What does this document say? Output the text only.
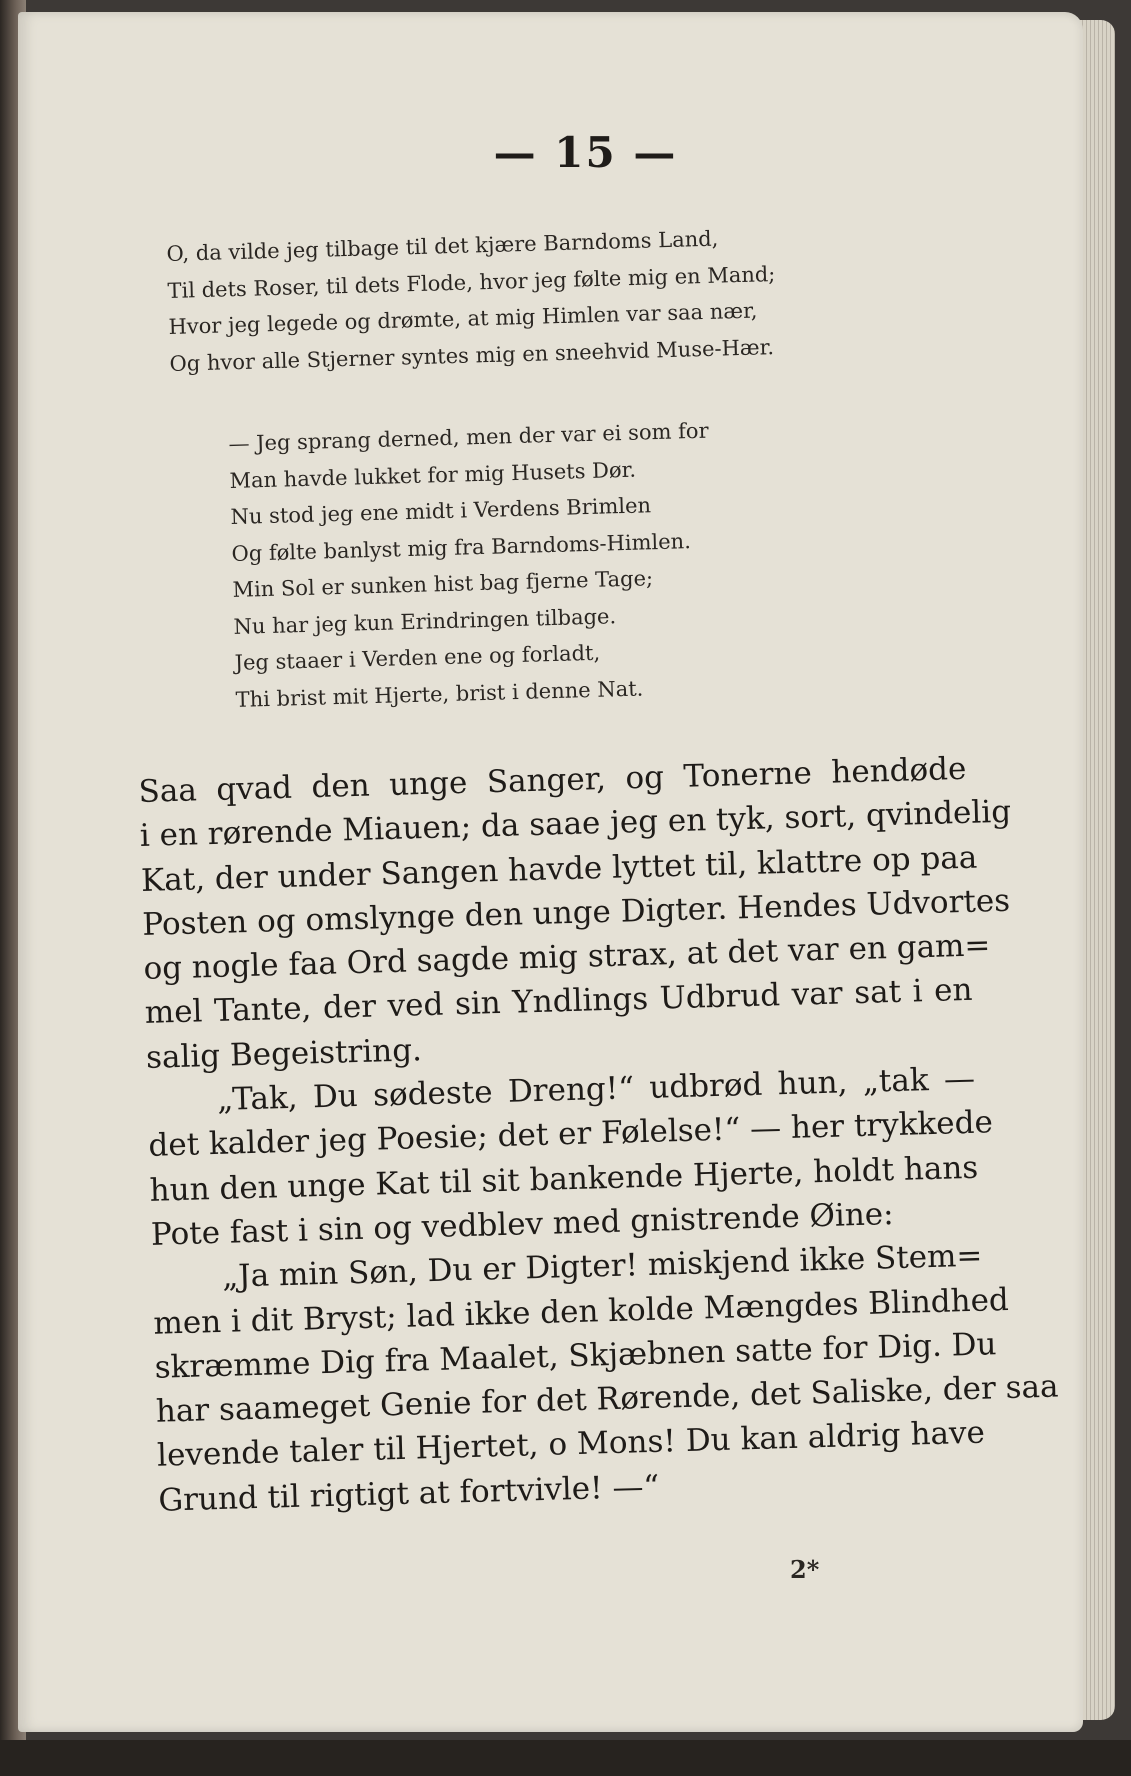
— 15 —
O, da vilde jeg tilbage til det kjære Barndoms Land,
Til dets Roser, til dets Flode, hvor jeg følte mig en Mand;
Hvor jeg legede og drømte, at mig Himlen var saa nær,
Og hvor alle Stjerner syntes mig en sneehvid Muse-Hær.
— Jeg sprang derned, men der var ei som for
Man havde lukket for mig Husets Dør.
Nu stod jeg ene midt i Verdens Brimlen
Og følte banlyst mig fra Barndoms-Himlen.
Min Sol er sunken hist bag fjerne Tage;
Nu har jeg kun Erindringen tilbage.
Jeg staaer i Verden ene og forladt,
Thi brist mit Hjerte, brist i denne Nat.
Saa qvad den unge Sanger, og Tonerne hendøde
i en rørende Miauen; da saae jeg en tyk, sort, qvindelig
Kat, der under Sangen havde lyttet til, klattre op paa
Posten og omslynge den unge Digter. Hendes Udvortes
og nogle faa Ord sagde mig strax, at det var en gam=
mel Tante, der ved sin Yndlings Udbrud var sat i en
salig Begeistring.
„Tak, Du sødeste Dreng!“ udbrød hun, „tak —
det kalder jeg Poesie; det er Følelse!“ — her trykkede
hun den unge Kat til sit bankende Hjerte, holdt hans
Pote fast i sin og vedblev med gnistrende Øine:
„Ja min Søn, Du er Digter! miskjend ikke Stem=
men i dit Bryst; lad ikke den kolde Mængdes Blindhed
skræmme Dig fra Maalet, Skjæbnen satte for Dig. Du
har saameget Genie for det Rørende, det Saliske, der saa
levende taler til Hjertet, o Mons! Du kan aldrig have
Grund til rigtigt at fortvivle! —“
2*
